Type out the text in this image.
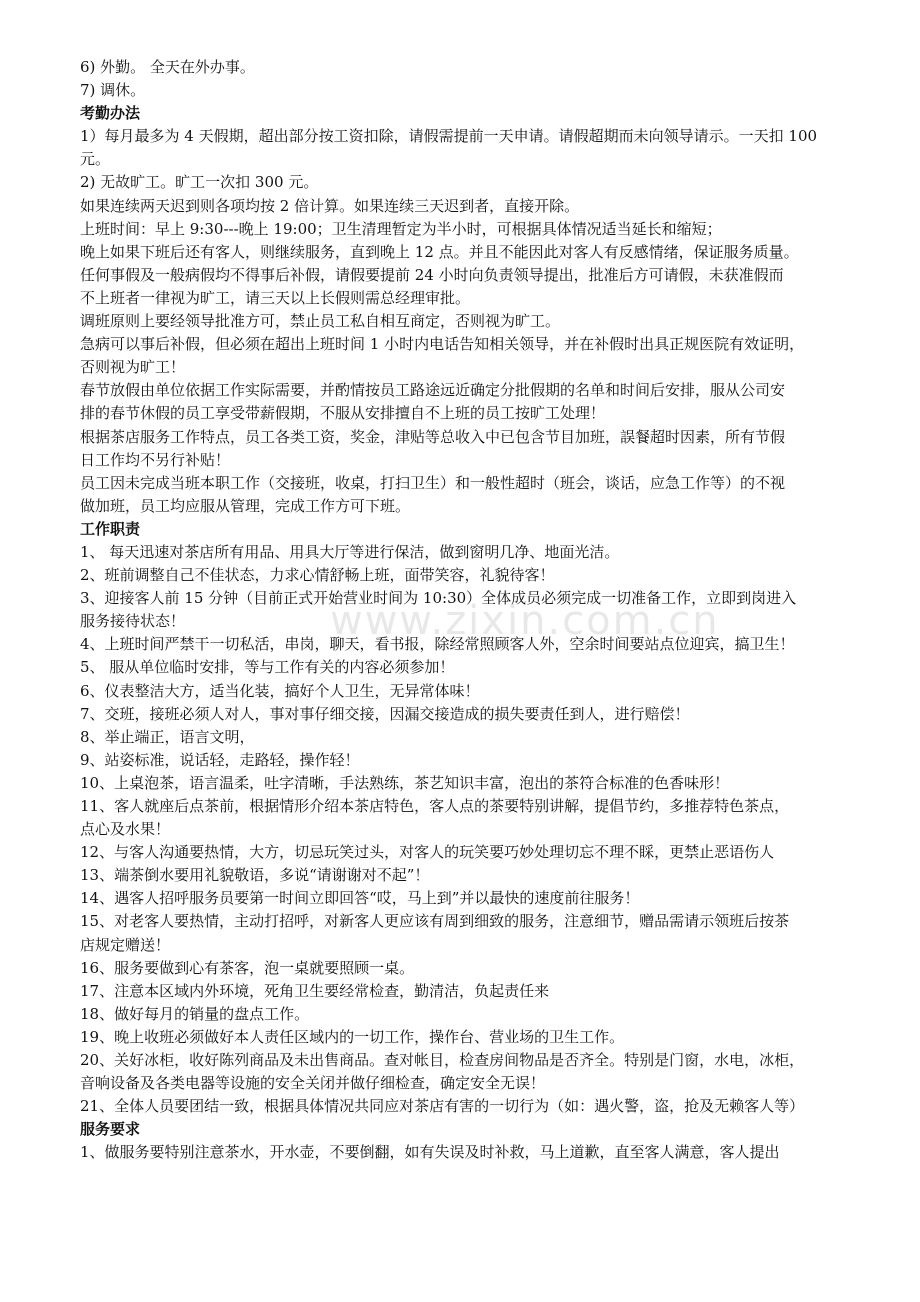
www.zixin.com.cn
6) 外勤。 全天在外办事。
7) 调休。
考勤办法
1）每月最多为 4 天假期，超出部分按工资扣除，请假需提前一天申请。请假超期而未向领导请示。一天扣 100
元。
2) 无故旷工。旷工一次扣 300 元。
如果连续两天迟到则各项均按 2 倍计算。如果连续三天迟到者，直接开除。
上班时间：早上 9:30---晚上 19:00；卫生清理暂定为半小时，可根据具体情况适当延长和缩短；
晚上如果下班后还有客人，则继续服务，直到晚上 12 点。并且不能因此对客人有反感情绪，保证服务质量。
任何事假及一般病假均不得事后补假，请假要提前 24 小时向负责领导提出，批准后方可请假，未获准假而
不上班者一律视为旷工，请三天以上长假则需总经理审批。
调班原则上要经领导批准方可，禁止员工私自相互商定，否则视为旷工。
急病可以事后补假，但必须在超出上班时间 1 小时内电话告知相关领导，并在补假时出具正规医院有效证明，
否则视为旷工！
春节放假由单位依据工作实际需要，并酌情按员工路途远近确定分批假期的名单和时间后安排，服从公司安
排的春节休假的员工享受带薪假期，不服从安排擅自不上班的员工按旷工处理！
根据茶店服务工作特点，员工各类工资，奖金，津贴等总收入中已包含节目加班，誤餐超时因素，所有节假
日工作均不另行补贴！
员工因未完成当班本职工作（交接班，收桌，打扫卫生）和一般性超时（班会，谈话，应急工作等）的不视
做加班，员工均应服从管理，完成工作方可下班。
工作职责
1、 每天迅速对茶店所有用品、用具大厅等进行保洁，做到窗明几净、地面光洁。
2、班前调整自己不佳状态，力求心情舒畅上班，面带笑容，礼貌待客！
3、迎接客人前 15 分钟（目前正式开始营业时间为 10:30）全体成员必须完成一切准备工作，立即到岗进入
服务接待状态！
4、上班时间严禁干一切私活，串岗，聊天，看书报，除经常照顾客人外，空余时间要站点位迎宾，搞卫生！
5、 服从单位临时安排，等与工作有关的内容必须参加！
6、仪表整洁大方，适当化装，搞好个人卫生，无异常体味！
7、交班，接班必须人对人，事对事仔细交接，因漏交接造成的损失要责任到人，进行赔偿！
8、举止端正，语言文明，
9、站姿标准，说话轻，走路轻，操作轻！
10、上桌泡茶，语言温柔，吐字清晰，手法熟练，茶艺知识丰富，泡出的茶符合标准的色香味形！
11、客人就座后点茶前，根据情形介绍本茶店特色，客人点的茶要特别讲解，提倡节约，多推荐特色茶点，
点心及水果！
12、与客人沟通要热情，大方，切忌玩笑过头，对客人的玩笑要巧妙处理切忘不理不睬，更禁止恶语伤人
13、端茶倒水要用礼貌敬语，多说“请谢谢对不起”！
14、遇客人招呼服务员要第一时间立即回答“哎，马上到”并以最快的速度前往服务！
15、对老客人要热情，主动打招呼，对新客人更应该有周到细致的服务，注意细节，赠品需请示领班后按茶
店规定赠送！
16、服务要做到心有茶客，泡一桌就要照顾一桌。
17、注意本区域内外环境，死角卫生要经常检查，勤清洁，负起责任来
18、做好每月的销量的盘点工作。
19、晚上收班必须做好本人责任区域内的一切工作，操作台、营业场的卫生工作。
20、关好冰柜，收好陈列商品及未出售商品。查对帐目，检查房间物品是否齐全。特别是门窗，水电，冰柜，
音响设备及各类电器等设施的安全关闭并做仔细检查，确定安全无误！
21、全体人员要团结一致，根据具体情况共同应对茶店有害的一切行为（如：遇火警，盗，抢及无赖客人等）
服务要求
1、做服务要特别注意茶水，开水壶，不要倒翻，如有失误及时补救，马上道歉，直至客人满意，客人提出
